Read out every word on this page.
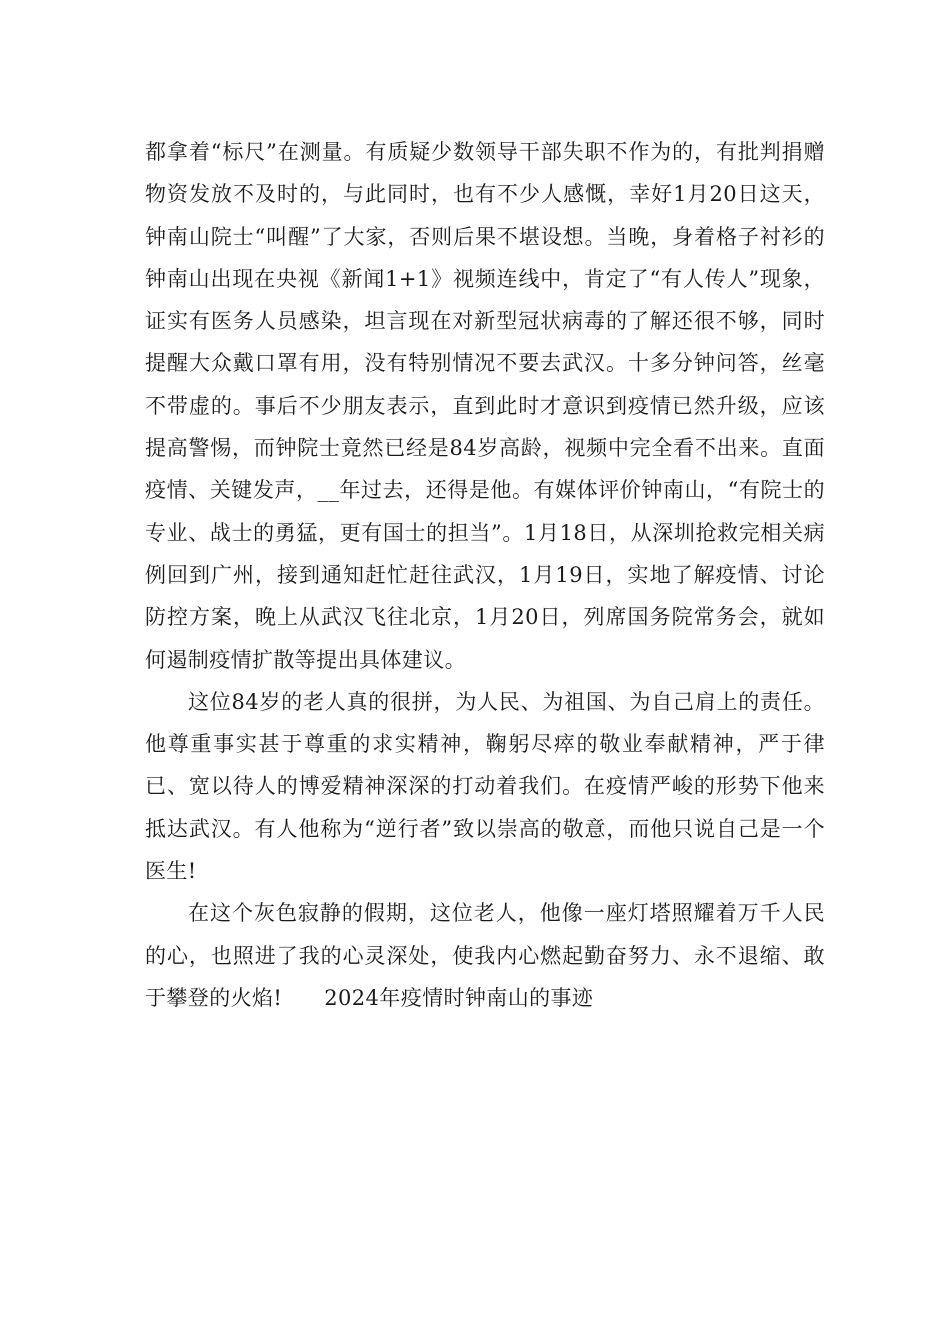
都拿着“标尺”在测量。有质疑少数领导干部失职不作为的，有批判捐赠物资发放不及时的，与此同时，也有不少人感慨，幸好1月20日这天，钟南山院士“叫醒”了大家，否则后果不堪设想。当晚，身着格子衬衫的钟南山出现在央视《新闻1+1》视频连线中，肯定了“有人传人”现象，证实有医务人员感染，坦言现在对新型冠状病毒的了解还很不够，同时提醒大众戴口罩有用，没有特别情况不要去武汉。十多分钟问答，丝毫不带虚的。事后不少朋友表示，直到此时才意识到疫情已然升级，应该提高警惕，而钟院士竟然已经是84岁高龄，视频中完全看不出来。直面疫情、关键发声，__年过去，还得是他。有媒体评价钟南山，“有院士的专业、战士的勇猛，更有国士的担当”。1月18日，从深圳抢救完相关病例回到广州，接到通知赶忙赶往武汉，1月19日，实地了解疫情、讨论防控方案，晚上从武汉飞往北京，1月20日，列席国务院常务会，就如何遏制疫情扩散等提出具体建议。

这位84岁的老人真的很拼，为人民、为祖国、为自己肩上的责任。他尊重事实甚于尊重的求实精神，鞠躬尽瘁的敬业奉献精神，严于律已、宽以待人的博爱精神深深的打动着我们。在疫情严峻的形势下他来抵达武汉。有人他称为“逆行者”致以崇高的敬意，而他只说自己是一个医生!

在这个灰色寂静的假期，这位老人，他像一座灯塔照耀着万千人民的心，也照进了我的心灵深处，使我内心燃起勤奋努力、永不退缩、敢于攀登的火焰! 2024年疫情时钟南山的事迹
